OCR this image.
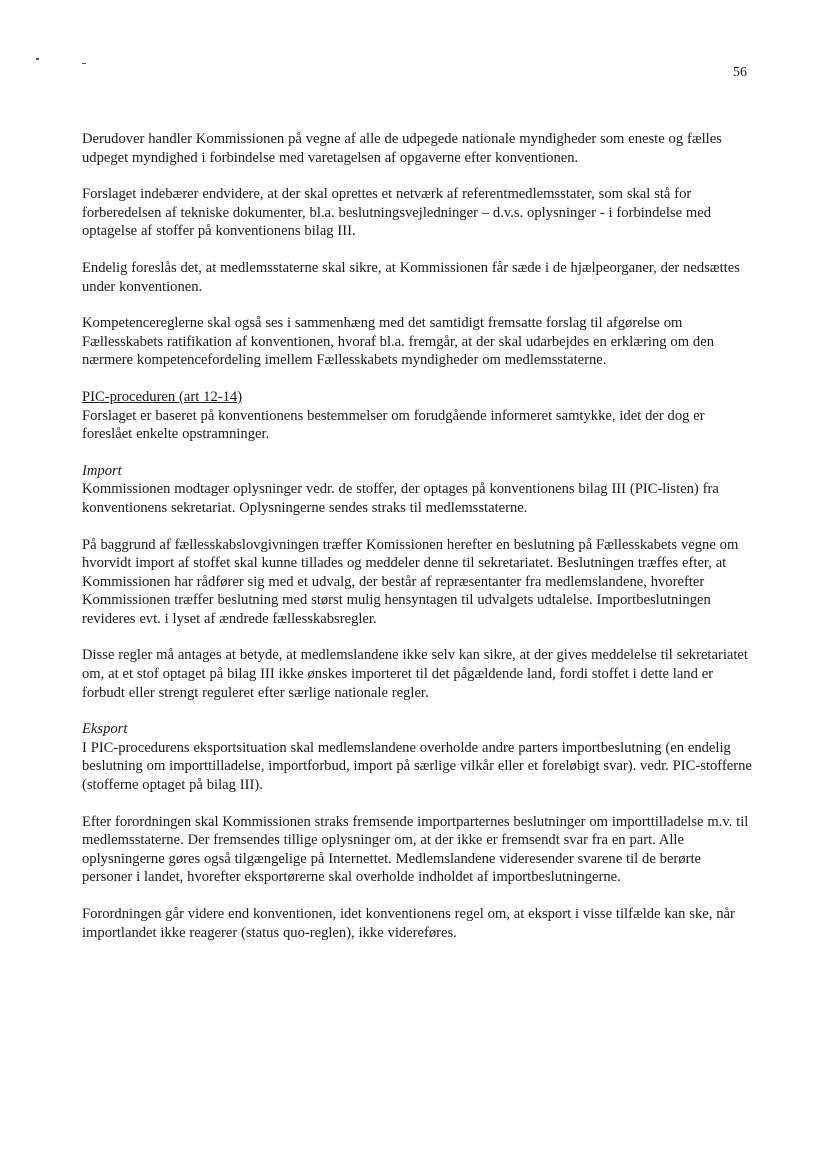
56

Derudover handler Kommissionen på vegne af alle de udpegede nationale myndigheder som eneste og fælles udpeget myndighed i forbindelse med varetagelsen af opgaverne efter konventionen.

Forslaget indebærer endvidere, at der skal oprettes et netværk af referentmedlemsstater, som skal stå for forberedelsen af tekniske dokumenter, bl.a. beslutningsvejledninger – d.v.s. oplysninger - i forbindelse med optagelse af stoffer på konventionens bilag III.

Endelig foreslås det, at medlemsstaterne skal sikre, at Kommissionen får sæde i de hjælpeorganer, der nedsættes under konventionen.

Kompetencereglerne skal også ses i sammenhæng med det samtidigt fremsatte forslag til afgørelse om Fællesskabets ratifikation af konventionen, hvoraf bl.a. fremgår, at der skal udarbejdes en erklæring om den nærmere kompetencefordeling imellem Fællesskabets myndigheder om medlemsstaterne.

PIC-proceduren (art 12-14)

Forslaget er baseret på konventionens bestemmelser om forudgående informeret samtykke, idet der dog er foreslået enkelte opstramninger.

Import

Kommissionen modtager oplysninger vedr. de stoffer, der optages på konventionens bilag III (PIC-listen) fra konventionens sekretariat. Oplysningerne sendes straks til medlemsstaterne.

På baggrund af fællesskabslovgivningen træffer Komissionen herefter en beslutning på Fællesskabets vegne om hvorvidt import af stoffet skal kunne tillades og meddeler denne til sekretariatet. Beslutningen træffes efter, at Kommissionen har rådfører sig med et udvalg, der består af repræsentanter fra medlemslandene, hvorefter Kommissionen træffer beslutning med størst mulig hensyntagen til udvalgets udtalelse. Importbeslutningen revideres evt. i lyset af ændrede fællesskabsregler.

Disse regler må antages at betyde, at medlemslandene ikke selv kan sikre, at der gives meddelelse til sekretariatet om, at et stof optaget på bilag III ikke ønskes importeret til det pågældende land, fordi stoffet i dette land er forbudt eller strengt reguleret efter særlige nationale regler.

Eksport

I PIC-procedurens eksportsituation skal medlemslandene overholde andre parters importbeslutning (en endelig beslutning om importtilladelse, importforbud, import på særlige vilkår eller et foreløbigt svar). vedr. PIC-stofferne (stofferne optaget på bilag III).

Efter forordningen skal Kommissionen straks fremsende importparternes beslutninger om importtilladelse m.v. til medlemsstaterne. Der fremsendes tillige oplysninger om, at der ikke er fremsendt svar fra en part. Alle oplysningerne gøres også tilgængelige på Internettet. Medlemslandene videresender svarene til de berørte personer i landet, hvorefter eksportørerne skal overholde indholdet af importbeslutningerne.

Forordningen går videre end konventionen, idet konventionens regel om, at eksport i visse tilfælde kan ske, når importlandet ikke reagerer (status quo-reglen), ikke videreføres.
